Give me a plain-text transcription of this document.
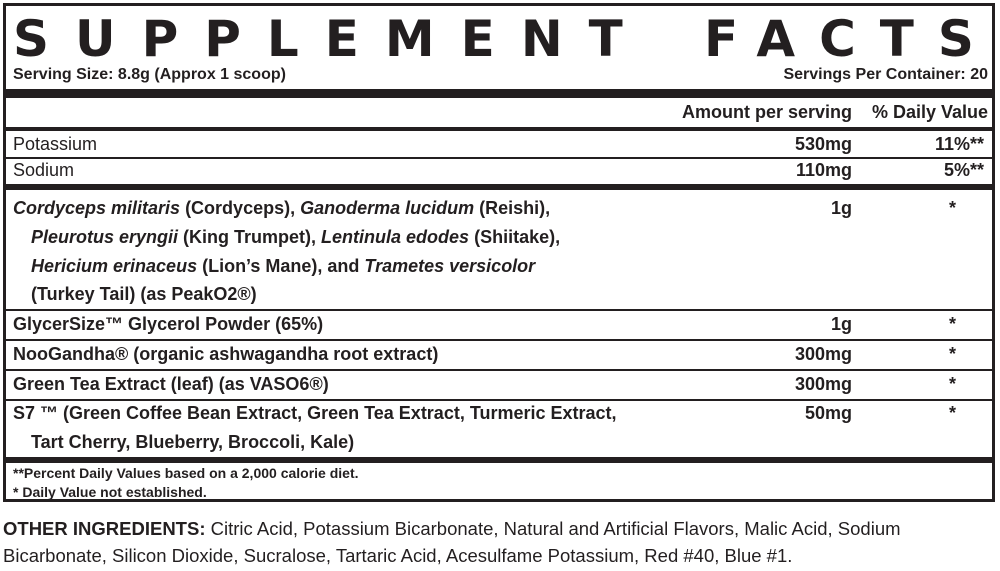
SUPPLEMENT FACTS
Serving Size: 8.8g (Approx 1 scoop)	Servings Per Container: 20
Amount per serving % Daily Value
Potassium	530mg	11%**
Sodium	110mg	5%**
Cordyceps militaris (Cordyceps), Ganoderma lucidum (Reishi),
Pleurotus eryngii (King Trumpet), Lentinula edodes (Shiitake),
Hericium erinaceus (Lion’s Mane), and Trametes versicolor
(Turkey Tail) (as PeakO2®)
1g	*
GlycerSize™ Glycerol Powder (65%)	1g	*
NooGandha® (organic ashwagandha root extract)	300mg	*
Green Tea Extract (leaf) (as VASO6®)	300mg	*
S7 ™ (Green Coffee Bean Extract, Green Tea Extract, Turmeric Extract,
Tart Cherry, Blueberry, Broccoli, Kale)
50mg	*
**Percent Daily Values based on a 2,000 calorie diet.
* Daily Value not established.
OTHER INGREDIENTS: Citric Acid, Potassium Bicarbonate, Natural and Artificial Flavors, Malic Acid, Sodium Bicarbonate, Silicon Dioxide, Sucralose, Tartaric Acid, Acesulfame Potassium, Red #40, Blue #1.
